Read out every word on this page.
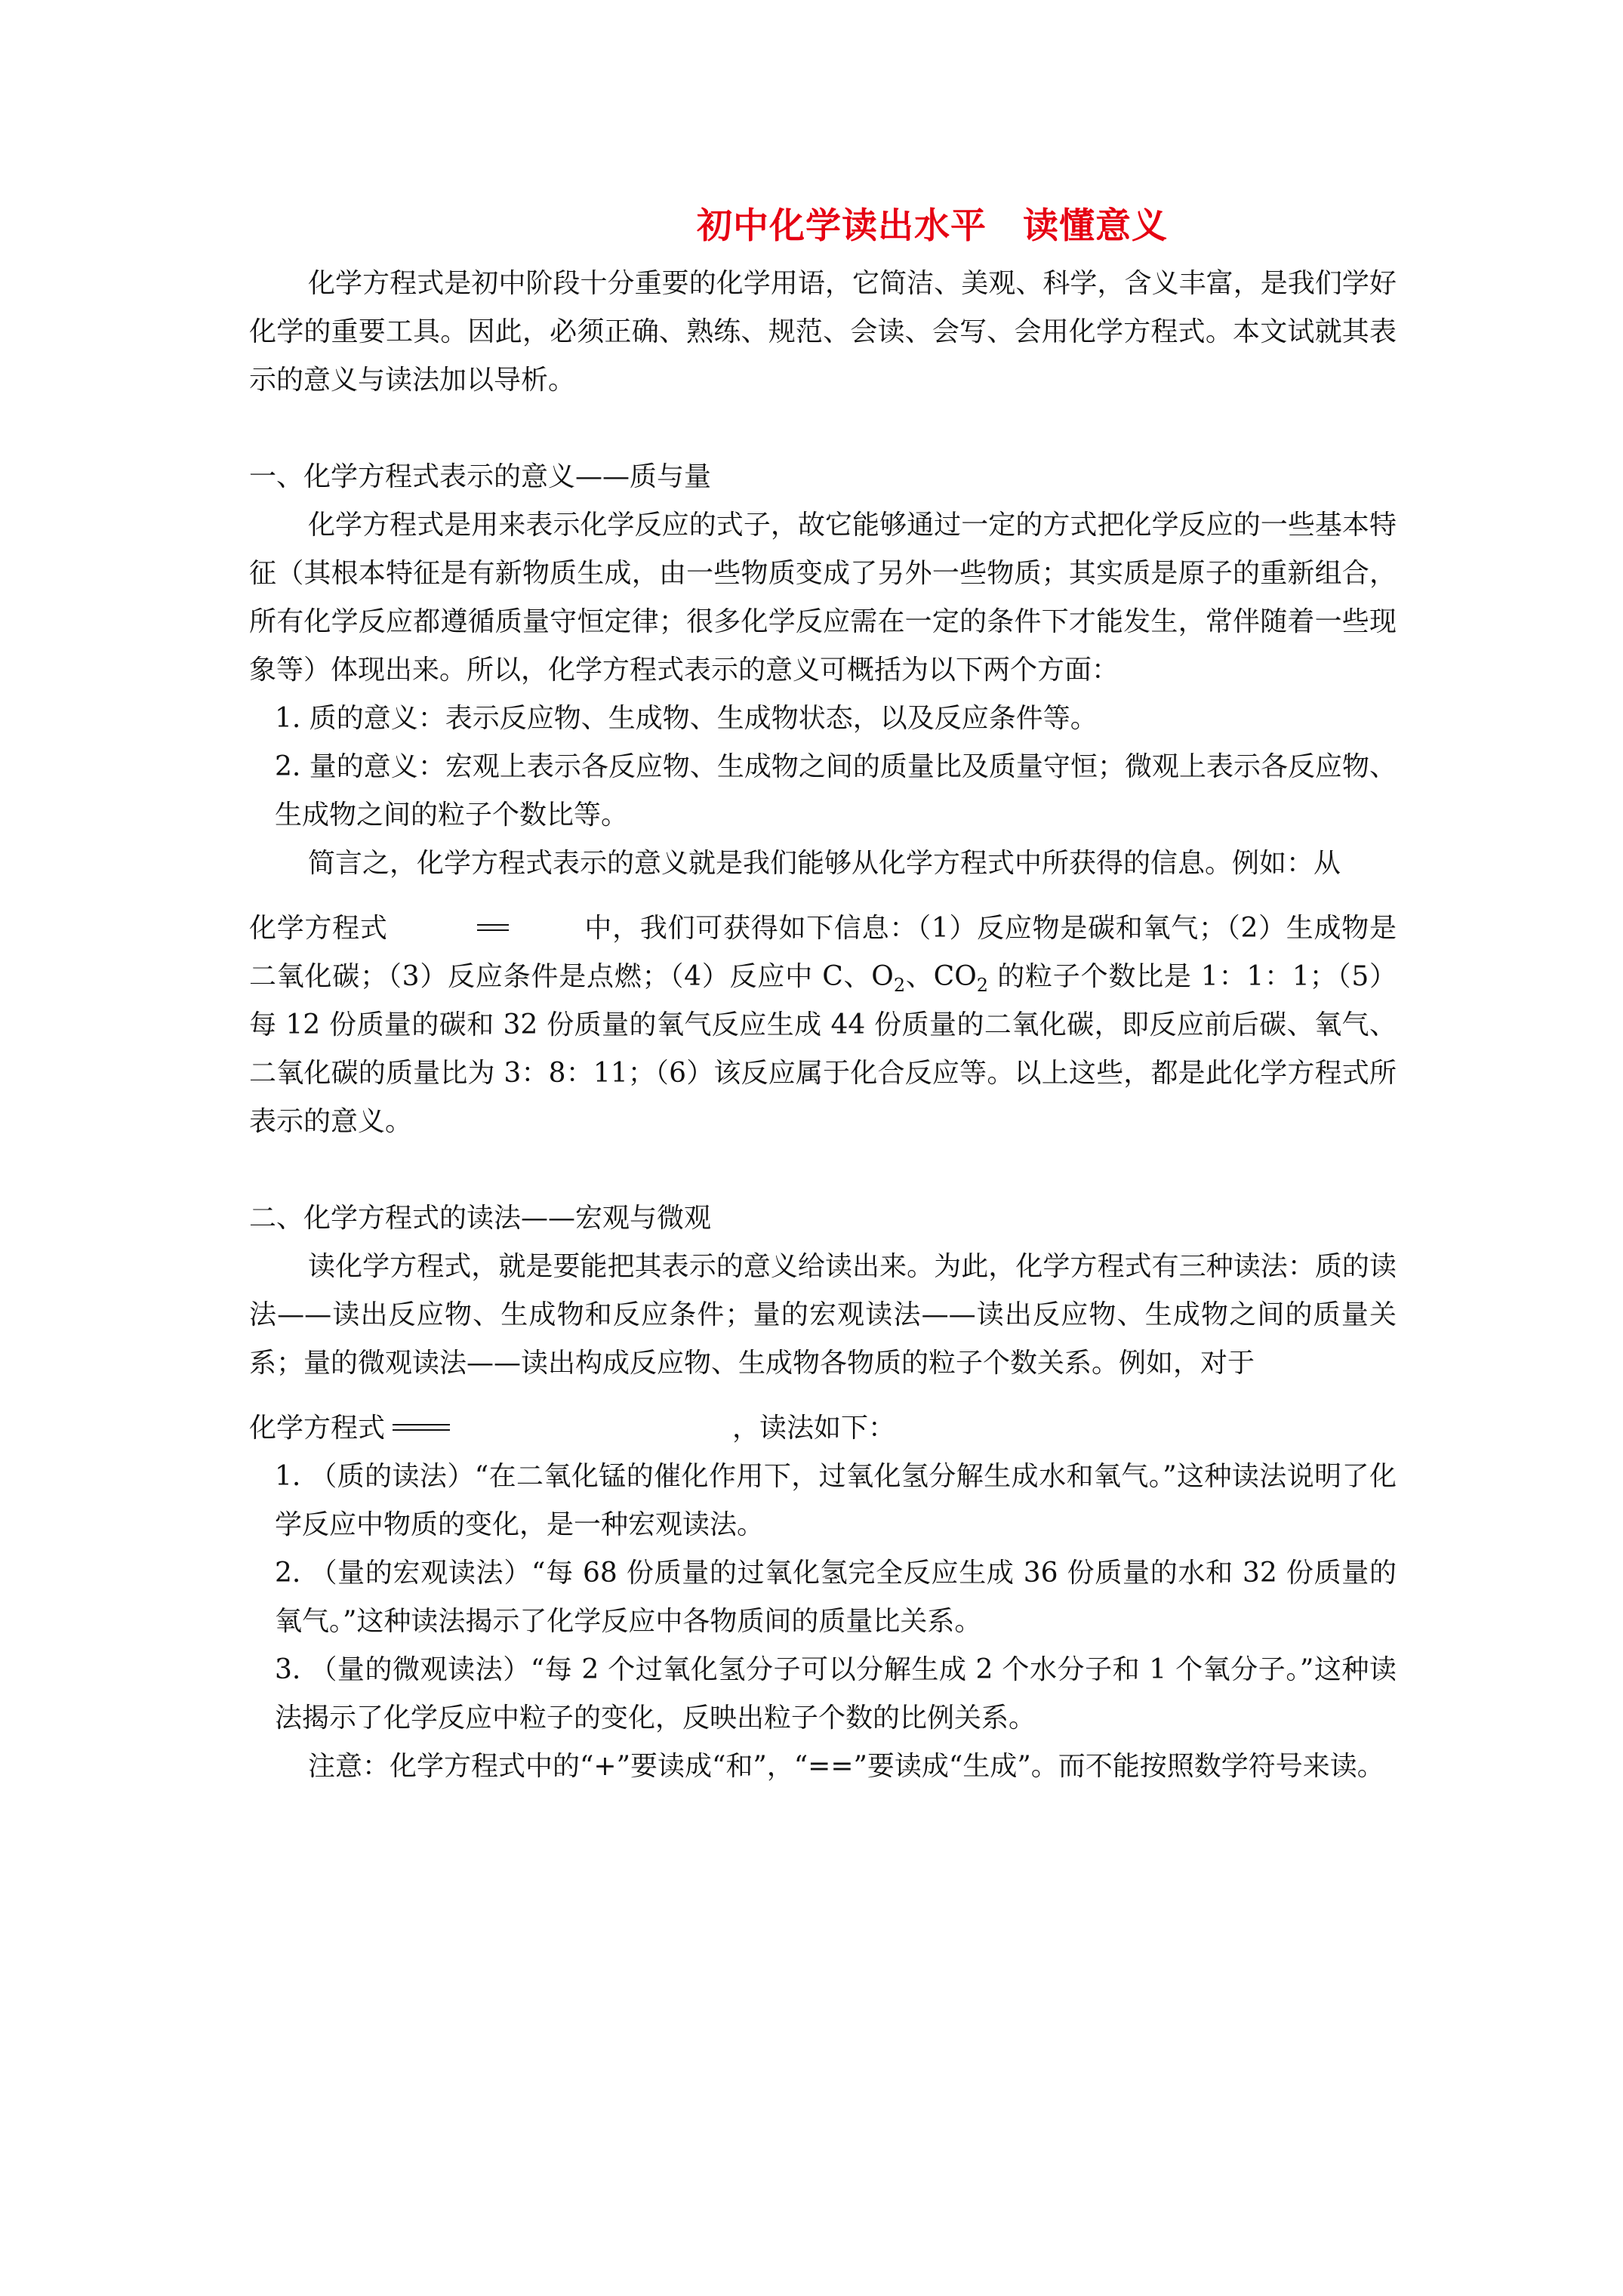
初中化学读出水平　读懂意义

化学方程式是初中阶段十分重要的化学用语，它简洁、美观、科学，含义丰富，是我们学好化学的重要工具。因此，必须正确、熟练、规范、会读、会写、会用化学方程式。本文试就其表示的意义与读法加以导析。

一、化学方程式表示的意义——质与量

化学方程式是用来表示化学反应的式子，故它能够通过一定的方式把化学反应的一些基本特征（其根本特征是有新物质生成，由一些物质变成了另外一些物质；其实质是原子的重新组合，所有化学反应都遵循质量守恒定律；很多化学反应需在一定的条件下才能发生，常伴随着一些现象等）体现出来。所以，化学方程式表示的意义可概括为以下两个方面：

1. 质的意义：表示反应物、生成物、生成物状态，以及反应条件等。

2. 量的意义：宏观上表示各反应物、生成物之间的质量比及质量守恒；微观上表示各反应物、生成物之间的粒子个数比等。

简言之，化学方程式表示的意义就是我们能够从化学方程式中所获得的信息。例如：从

化学方程式	中，我们可获得如下信息：（1）反应物是碳和氧气；（2）生成物是二氧化碳；（3）反应条件是点燃；（4）反应中 C、$O_2$、$CO_2$ 的粒子个数比是 1：1：1；（5）每 12 份质量的碳和 32 份质量的氧气反应生成 44 份质量的二氧化碳，即反应前后碳、氧气、二氧化碳的质量比为 3：8：11；（6）该反应属于化合反应等。以上这些，都是此化学方程式所表示的意义。

二、化学方程式的读法——宏观与微观

读化学方程式，就是要能把其表示的意义给读出来。为此，化学方程式有三种读法：质的读法——读出反应物、生成物和反应条件；量的宏观读法——读出反应物、生成物之间的质量关系；量的微观读法——读出构成反应物、生成物各物质的粒子个数关系。例如，对于

化学方程式	，读法如下：

1. （质的读法）“在二氧化锰的催化作用下，过氧化氢分解生成水和氧气。”这种读法说明了化学反应中物质的变化，是一种宏观读法。

2. （量的宏观读法）“每 68 份质量的过氧化氢完全反应生成 36 份质量的水和 32 份质量的氧气。”这种读法揭示了化学反应中各物质间的质量比关系。

3. （量的微观读法）“每 2 个过氧化氢分子可以分解生成 2 个水分子和 1 个氧分子。”这种读法揭示了化学反应中粒子的变化，反映出粒子个数的比例关系。

注意：化学方程式中的“+”要读成“和”，“==”要读成“生成”。而不能按照数学符号来读。
